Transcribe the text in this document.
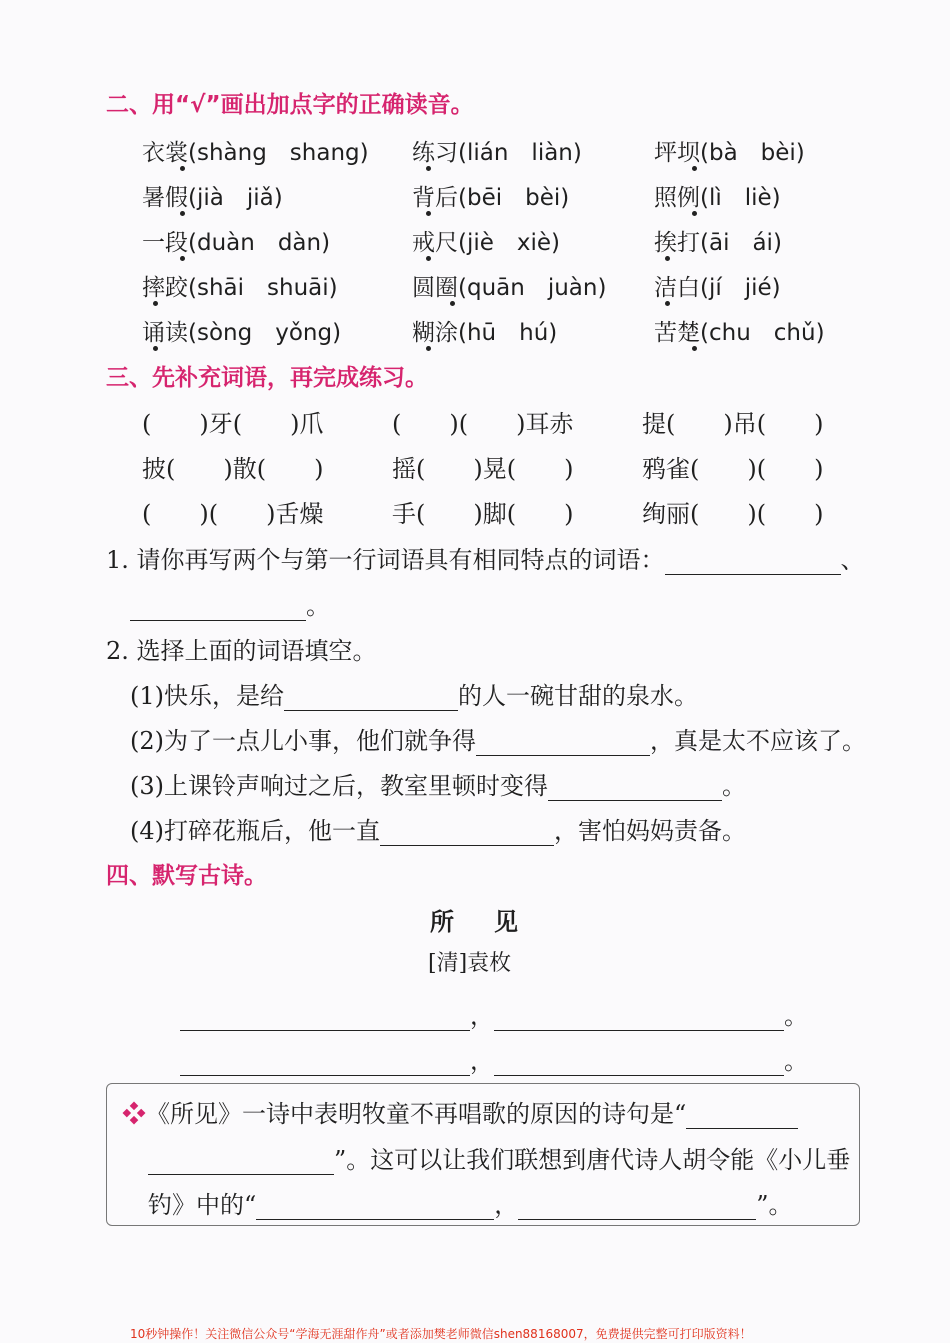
二、用“√”画出加点字的正确读音。
衣裳(shàng　shang) 练习(lián　liàn)	坪坝(bà　bèi)
暑假(jià　jiǎ)	背后(bēi　bèi)	照例(lì　liè)
一段(duàn　dàn)	戒尺(jiè　xiè)	挨打(āi　ái)
摔跤(shāi　shuāi)	圆圈(quān　juàn) 洁白(jí　jié)
诵读(sòng　yǒng)	糊涂(hū　hú)	苦楚(chu　chǔ)
三、先补充词语，再完成练习。
(　　)牙(　　)爪	(　　)(　　)耳赤	提(　　)吊(　　)
披(　　)散(　　)	摇(　　)晃(　　)	鸦雀(　　)(　　)
(　　)(　　)舌燥	手(　　)脚(　　)	绚丽(　　)(　　)
1. 请你再写两个与第一行词语具有相同特点的词语：	、
。
2. 选择上面的词语填空。
(1)快乐，是给	的人一碗甘甜的泉水。
(2)为了一点儿小事，他们就争得	，真是太不应该了。
(3)上课铃声响过之后，教室里顿时变得	。
(4)打碎花瓶后，他一直	，害怕妈妈责备。
四、默写古诗。
所见
[清]袁枚
，	。
，	。
❖《所见》一诗中表明牧童不再唱歌的原因的诗句是“
”。这可以让我们联想到唐代诗人胡令能《小儿垂
钓》中的“	，	”。
10秒钟操作！关注微信公众号“学海无涯甜作舟”或者添加樊老师微信shen88168007，免费提供完整可打印版资料！
